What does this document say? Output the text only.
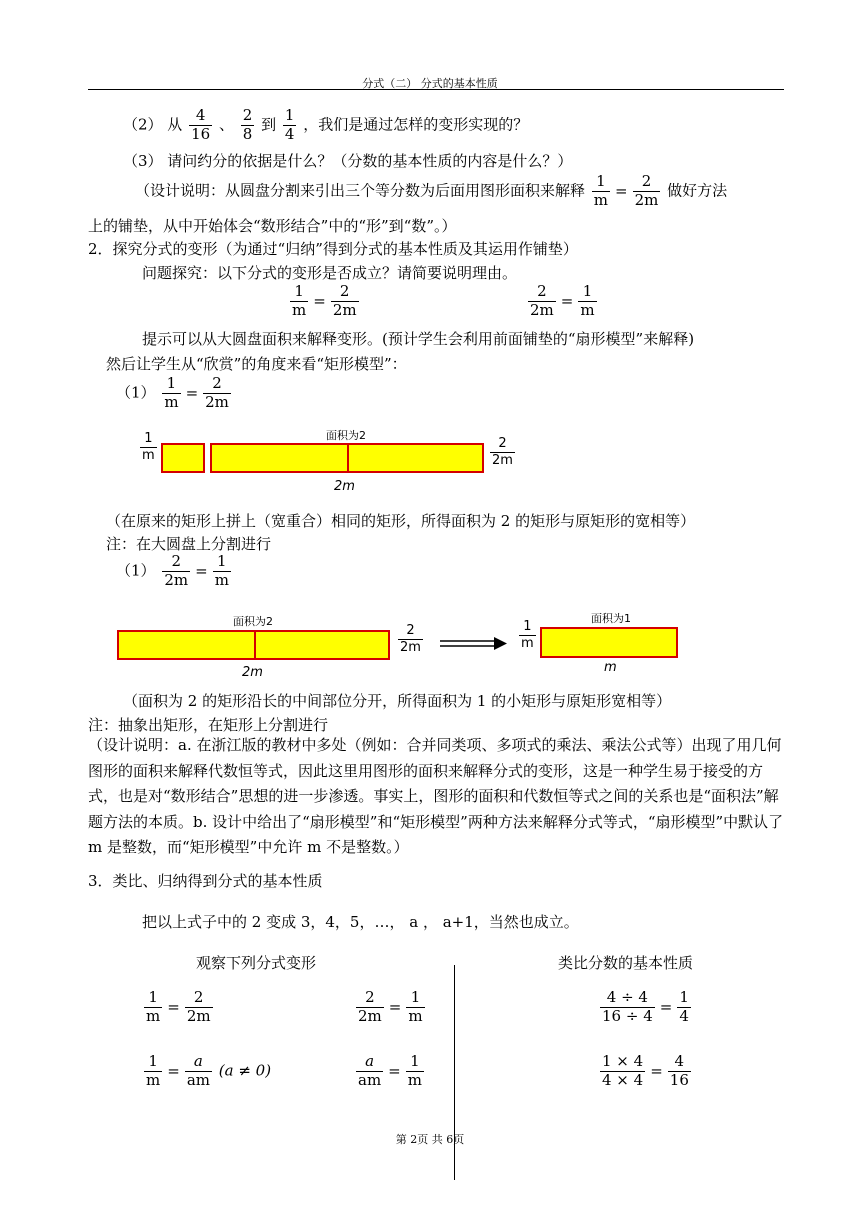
分式（二） 分式的基本性质
（2） 从 $\frac{4}{16}$ 、 $\frac{2}{8}$ 到 $\frac{1}{4}$ ，我们是通过怎样的变形实现的？
（3） 请问约分的依据是什么？（分数的基本性质的内容是什么？）
（设计说明：从圆盘分割来引出三个等分数为后面用图形面积来解释 $\frac{1}{m} = \frac{2}{2m}$ 做好方法
上的铺垫，从中开始体会“数形结合”中的“形”到“数”。）
2．探究分式的变形（为通过“归纳”得到分式的基本性质及其运用作铺垫）
问题探究：以下分式的变形是否成立？请简要说明理由。
$\frac{1}{m} = \frac{2}{2m}$	$\frac{2}{2m} = \frac{1}{m}$
提示可以从大圆盘面积来解释变形。(预计学生会利用前面铺垫的“扇形模型”来解释)
然后让学生从“欣赏”的角度来看“矩形模型”：
$(1) \frac{1}{m} = \frac{2}{2m}$
$\frac{1}{m}$	面积为2
$\frac{2}{2m}$
2m
（在原来的矩形上拼上（宽重合）相同的矩形，所得面积为 2 的矩形与原矩形的宽相等）
注：在大圆盘上分割进行
$(1) \frac{2}{2m} = \frac{1}{m}$
面积为2
$\frac{2}{2m}$
2m
$\frac{1}{m}$
面积为1
m
（面积为 2 的矩形沿长的中间部位分开，所得面积为 1 的小矩形与原矩形宽相等）
注：抽象出矩形，在矩形上分割进行
（设计说明：a. 在浙江版的教材中多处（例如：合并同类项、多项式的乘法、乘法公式等）出现了用几何图形的面积来解释代数恒等式，因此这里用图形的面积来解释分式的变形，这是一种学生易于接受的方式，也是对“数形结合”思想的进一步渗透。事实上，图形的面积和代数恒等式之间的关系也是“面积法”解题方法的本质。b. 设计中给出了“扇形模型”和“矩形模型”两种方法来解释分式等式，“扇形模型”中默认了 m 是整数，而“矩形模型”中允许 m 不是整数。）
3．类比、归纳得到分式的基本性质
把以上式子中的 2 变成 3，4，5，…， a ， a+1，当然也成立。
观察下列分式变形	类比分数的基本性质
$\frac{1}{m} = \frac{2}{2m}$	$\frac{2}{2m} = \frac{1}{m}$	$\frac{4 \div 4}{16 \div 4} = \frac{1}{4}$
$\frac{1}{m} = \frac{a}{am} (a \ne 0)$	$\frac{a}{am} = \frac{1}{m}$	$\frac{1 \times 4}{4 \times 4} = \frac{4}{16}$
第 2页 共 6页
